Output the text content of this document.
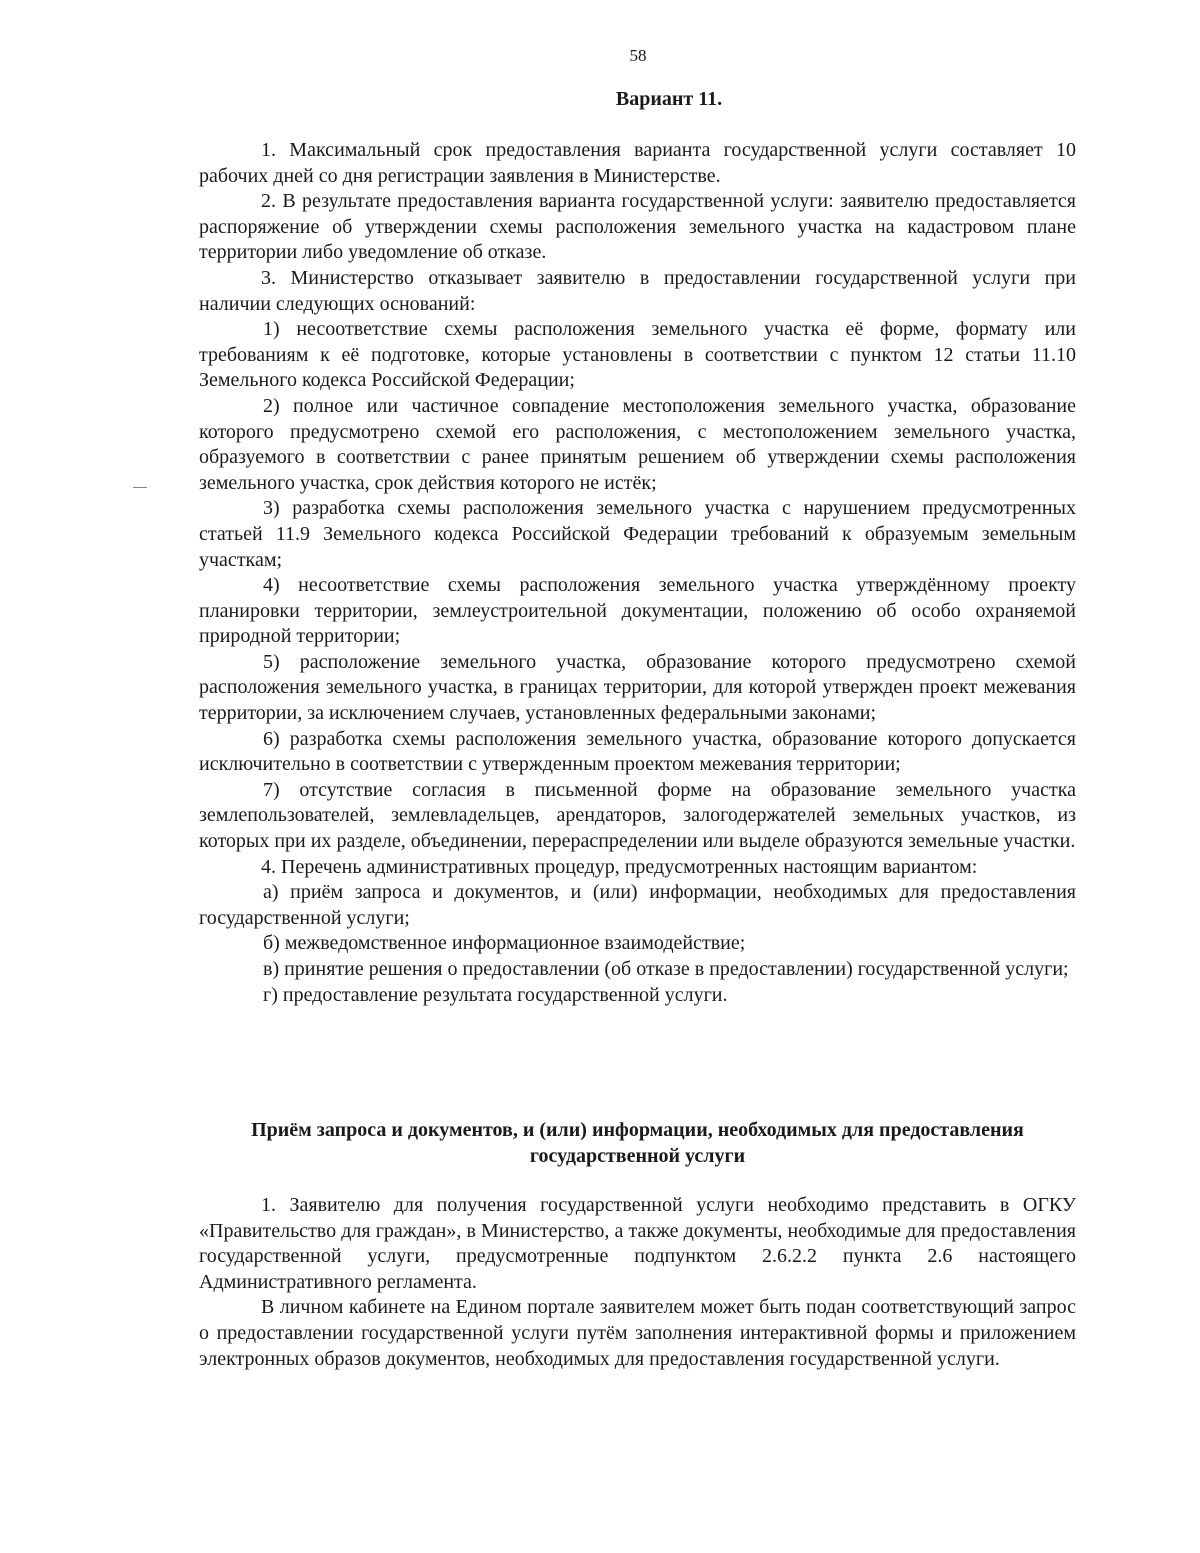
58
Вариант 11.

1. Максимальный срок предоставления варианта государственной услуги составляет 10 рабочих дней со дня регистрации заявления в Министерстве.

2. В результате предоставления варианта государственной услуги: заявителю предоставляется распоряжение об утверждении схемы расположения земельного участка на кадастровом плане территории либо уведомление об отказе.

3. Министерство отказывает заявителю в предоставлении государственной услуги при наличии следующих оснований:

1) несоответствие схемы расположения земельного участка её форме, формату или требованиям к её подготовке, которые установлены в соответствии с пунктом 12 статьи 11.10 Земельного кодекса Российской Федерации;

2) полное или частичное совпадение местоположения земельного участка, образование которого предусмотрено схемой его расположения, с местоположением земельного участка, образуемого в соответствии с ранее принятым решением об утверждении схемы расположения земельного участка, срок действия которого не истёк;

3) разработка схемы расположения земельного участка с нарушением предусмотренных статьей 11.9 Земельного кодекса Российской Федерации требований к образуемым земельным участкам;

4) несоответствие схемы расположения земельного участка утверждённому проекту планировки территории, землеустроительной документации, положению об особо охраняемой природной территории;

5) расположение земельного участка, образование которого предусмотрено схемой расположения земельного участка, в границах территории, для которой утвержден проект межевания территории, за исключением случаев, установленных федеральными законами;

6) разработка схемы расположения земельного участка, образование которого допускается исключительно в соответствии с утвержденным проектом межевания территории;

7) отсутствие согласия в письменной форме на образование земельного участка землепользователей, землевладельцев, арендаторов, залогодержателей земельных участков, из которых при их разделе, объединении, перераспределении или выделе образуются земельные участки.

4. Перечень административных процедур, предусмотренных настоящим вариантом:

а) приём запроса и документов, и (или) информации, необходимых для предоставления государственной услуги;

б) межведомственное информационное взаимодействие;

в) принятие решения о предоставлении (об отказе в предоставлении) государственной услуги;

г) предоставление результата государственной услуги.

Приём запроса и документов, и (или) информации, необходимых для предоставления государственной услуги

1. Заявителю для получения государственной услуги необходимо представить в ОГКУ «Правительство для граждан», в Министерство, а также документы, необходимые для предоставления государственной услуги, предусмотренные подпунктом 2.6.2.2 пункта 2.6 настоящего Административного регламента.

В личном кабинете на Едином портале заявителем может быть подан соответствующий запрос о предоставлении государственной услуги путём заполнения интерактивной формы и приложением электронных образов документов, необходимых для предоставления государственной услуги.
